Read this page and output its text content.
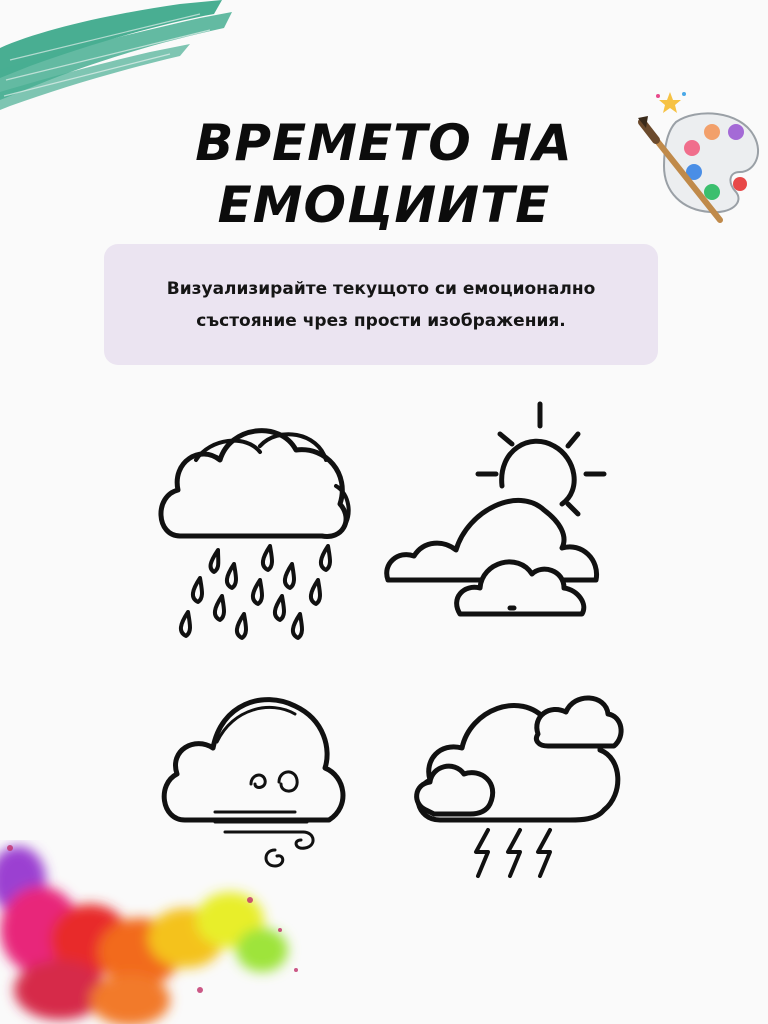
ВРЕМЕТО НА
ЕМОЦИИТЕ

Визуализирайте текущото си емоционално
състояние чрез прости изображения.
